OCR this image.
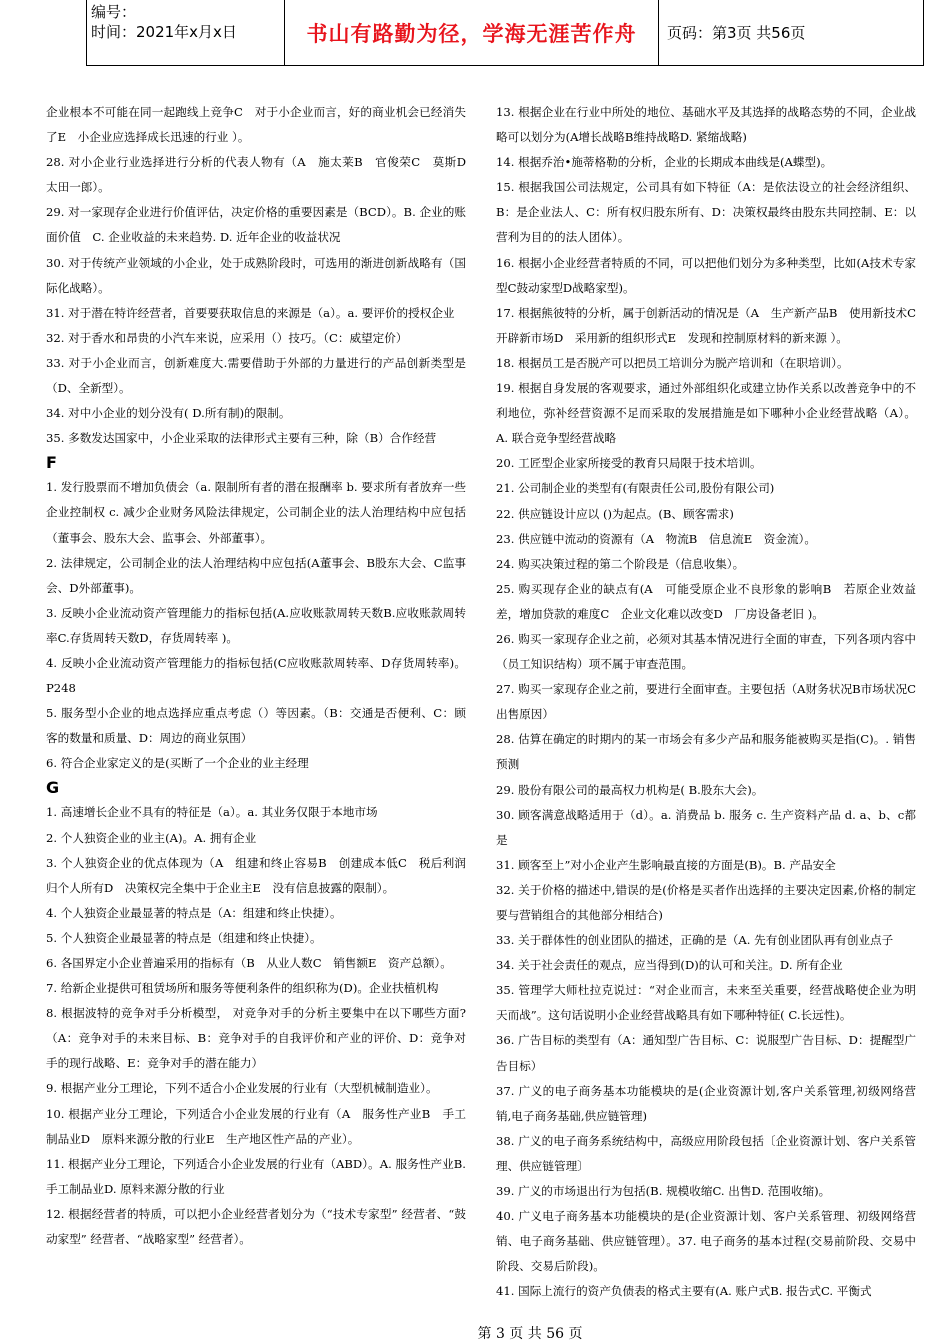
编号：
时间：2021年x月x日	书山有路勤为径，学海无涯苦作舟	页码：第3页 共56页

企业根本不可能在同一起跑线上竞争C　对于小企业而言，好的商业机会已经消失了E　小企业应选择成长迅速的行业 ）。

28. 对小企业行业选择进行分析的代表人物有（A　施太莱B　官俊荣C　莫斯D　太田一郎）。

29. 对一家现存企业进行价值评估，决定价格的重要因素是（BCD）。B. 企业的账面价值　C. 企业收益的未来趋势. D. 近年企业的收益状况

30. 对于传统产业领域的小企业，处于成熟阶段时，可选用的渐进创新战略有（国际化战略）。

31. 对于潜在特许经营者，首要要获取信息的来源是（a）。a. 要评价的授权企业

32. 对于香水和昂贵的小汽车来说，应采用（）技巧。（C：威望定价）

33. 对于小企业而言，创新难度大.需要借助于外部的力量进行的产品创新类型是（D、全新型）。

34. 对中小企业的划分没有( D.所有制)的限制。

35. 多数发达国家中，小企业采取的法律形式主要有三种，除（B）合作经营

F

1. 发行股票而不增加负债会（a. 限制所有者的潜在报酬率 b. 要求所有者放弃一些企业控制权 c. 减少企业财务风险法律规定，公司制企业的法人治理结构中应包括（董事会、股东大会、监事会、外部董事）。

2. 法律规定，公司制企业的法人治理结构中应包括(A董事会、B股东大会、C监事会、D外部董事)。

3. 反映小企业流动资产管理能力的指标包括(A.应收账款周转天数B.应收账款周转率C.存货周转天数D，存货周转率 )。

4. 反映小企业流动资产管理能力的指标包括(C应收账款周转率、D存货周转率)。P248

5. 服务型小企业的地点选择应重点考虑（）等因素。（B：交通是否便利、C：顾客的数量和质量、D：周边的商业氛围）

6. 符合企业家定义的是(买断了一个企业的业主经理

G

1. 高速增长企业不具有的特征是（a）。a. 其业务仅限于本地市场

2. 个人独资企业的业主(A)。A. 拥有企业

3. 个人独资企业的优点体现为（A　组建和终止容易B　创建成本低C　税后利润归个人所有D　决策权完全集中于企业主E　没有信息披露的限制）。

4. 个人独资企业最显著的特点是（A：组建和终止快捷）。

5. 个人独资企业最显著的特点是（组建和终止快捷）。

6. 各国界定小企业普遍采用的指标有（B　从业人数C　销售额E　资产总额）。

7. 给新企业提供可租赁场所和服务等便利条件的组织称为(D)。企业扶植机构

8. 根据波特的竞争对手分析模型， 对竞争对手的分析主要集中在以下哪些方面?（A：竞争对手的未来目标、B：竞争对手的自我评价和产业的评价、D：竞争对手的现行战略、E：竞争对手的潜在能力）

9. 根据产业分工理论，下列不适合小企业发展的行业有（大型机械制造业）。

10. 根据产业分工理论，下列适合小企业发展的行业有（A　服务性产业B　手工制品业D　原料来源分散的行业E　生产地区性产品的产业）。

11. 根据产业分工理论，下列适合小企业发展的行业有（ABD）。A. 服务性产业B. 手工制品业D. 原料来源分散的行业

12. 根据经营者的特质，可以把小企业经营者划分为（“技术专家型” 经营者、“鼓动家型” 经营者、“战略家型” 经营者）。

13. 根据企业在行业中所处的地位、基础水平及其选择的战略态势的不同，企业战略可以划分为(A增长战略B维持战略D. 紧缩战略)

14. 根据乔治•施蒂格勒的分析，企业的长期成本曲线是(A蝶型)。

15. 根据我国公司法规定，公司具有如下特征（A：是依法设立的社会经济组织、B：是企业法人、C：所有权归股东所有、D：决策权最终由股东共同控制、E：以营利为目的的法人团体）。

16. 根据小企业经营者特质的不同，可以把他们划分为多种类型，比如(A技术专家型C鼓动家型D战略家型)。

17. 根据熊彼特的分析，属于创新活动的情况是（A　生产新产品B　使用新技术C　开辟新市场D　采用新的组织形式E　发现和控制原材料的新来源 ）。

18. 根据员工是否脱产可以把员工培训分为脱产培训和（在职培训）。

19. 根据自身发展的客观要求，通过外部组织化或建立协作关系以改善竞争中的不利地位，弥补经营资源不足而采取的发展措施是如下哪种小企业经营战略（A）。A. 联合竞争型经营战略

20. 工匠型企业家所接受的教育只局限于技术培训。

21. 公司制企业的类型有(有限责任公司,股份有限公司)

22. 供应链设计应以 ()为起点。(B、顾客需求)

23. 供应链中流动的资源有（A　物流B　信息流E　资金流）。

24. 购买决策过程的第二个阶段是（信息收集）。

25. 购买现存企业的缺点有(A　可能受原企业不良形象的影响B　若原企业效益差，增加贷款的难度C　企业文化难以改变D　厂房设备老旧 )。

26. 购买一家现存企业之前，必须对其基本情况进行全面的审查，下列各项内容中（员工知识结构）项不属于审查范围。

27. 购买一家现存企业之前，要进行全面审查。主要包括（A财务状况B市场状况C出售原因）

28. 估算在确定的时期内的某一市场会有多少产品和服务能被购买是指(C)。. 销售预测

29. 股份有限公司的最高权力机构是( B.股东大会)。

30. 顾客满意战略适用于（d）。a. 消费品 b. 服务 c. 生产资料产品 d. a、b、c都是

31. 顾客至上”对小企业产生影响最直接的方面是(B)。B. 产品安全

32. 关于价格的描述中,错误的是(价格是买者作出选择的主要决定因素,价格的制定要与营销组合的其他部分相结合)

33. 关于群体性的创业团队的描述，正确的是（A. 先有创业团队再有创业点子

34. 关于社会责任的观点，应当得到(D)的认可和关注。D. 所有企业

35. 管理学大师杜拉克说过：“对企业而言，未来至关重要，经营战略使企业为明天而战”。这句话说明小企业经营战略具有如下哪种特征( C.长远性)。

36. 广告目标的类型有（A：通知型广告目标、C：说服型广告目标、D：提醒型广告目标）

37. 广义的电子商务基本功能模块的是(企业资源计划,客户关系管理,初级网络营销,电子商务基础,供应链管理)

38. 广义的电子商务系统结构中，高级应用阶段包括〔企业资源计划、客户关系管理、供应链管理〕

39. 广义的市场退出行为包括(B. 规模收缩C. 出售D. 范围收缩)。

40. 广义电子商务基本功能模块的是(企业资源计划、客户关系管理、初级网络营销、电子商务基础、供应链管理）。37. 电子商务的基本过程(交易前阶段、交易中阶段、交易后阶段)。

41. 国际上流行的资产负债表的格式主要有(A. 账户式B. 报告式C. 平衡式

第 3 页 共 56 页
